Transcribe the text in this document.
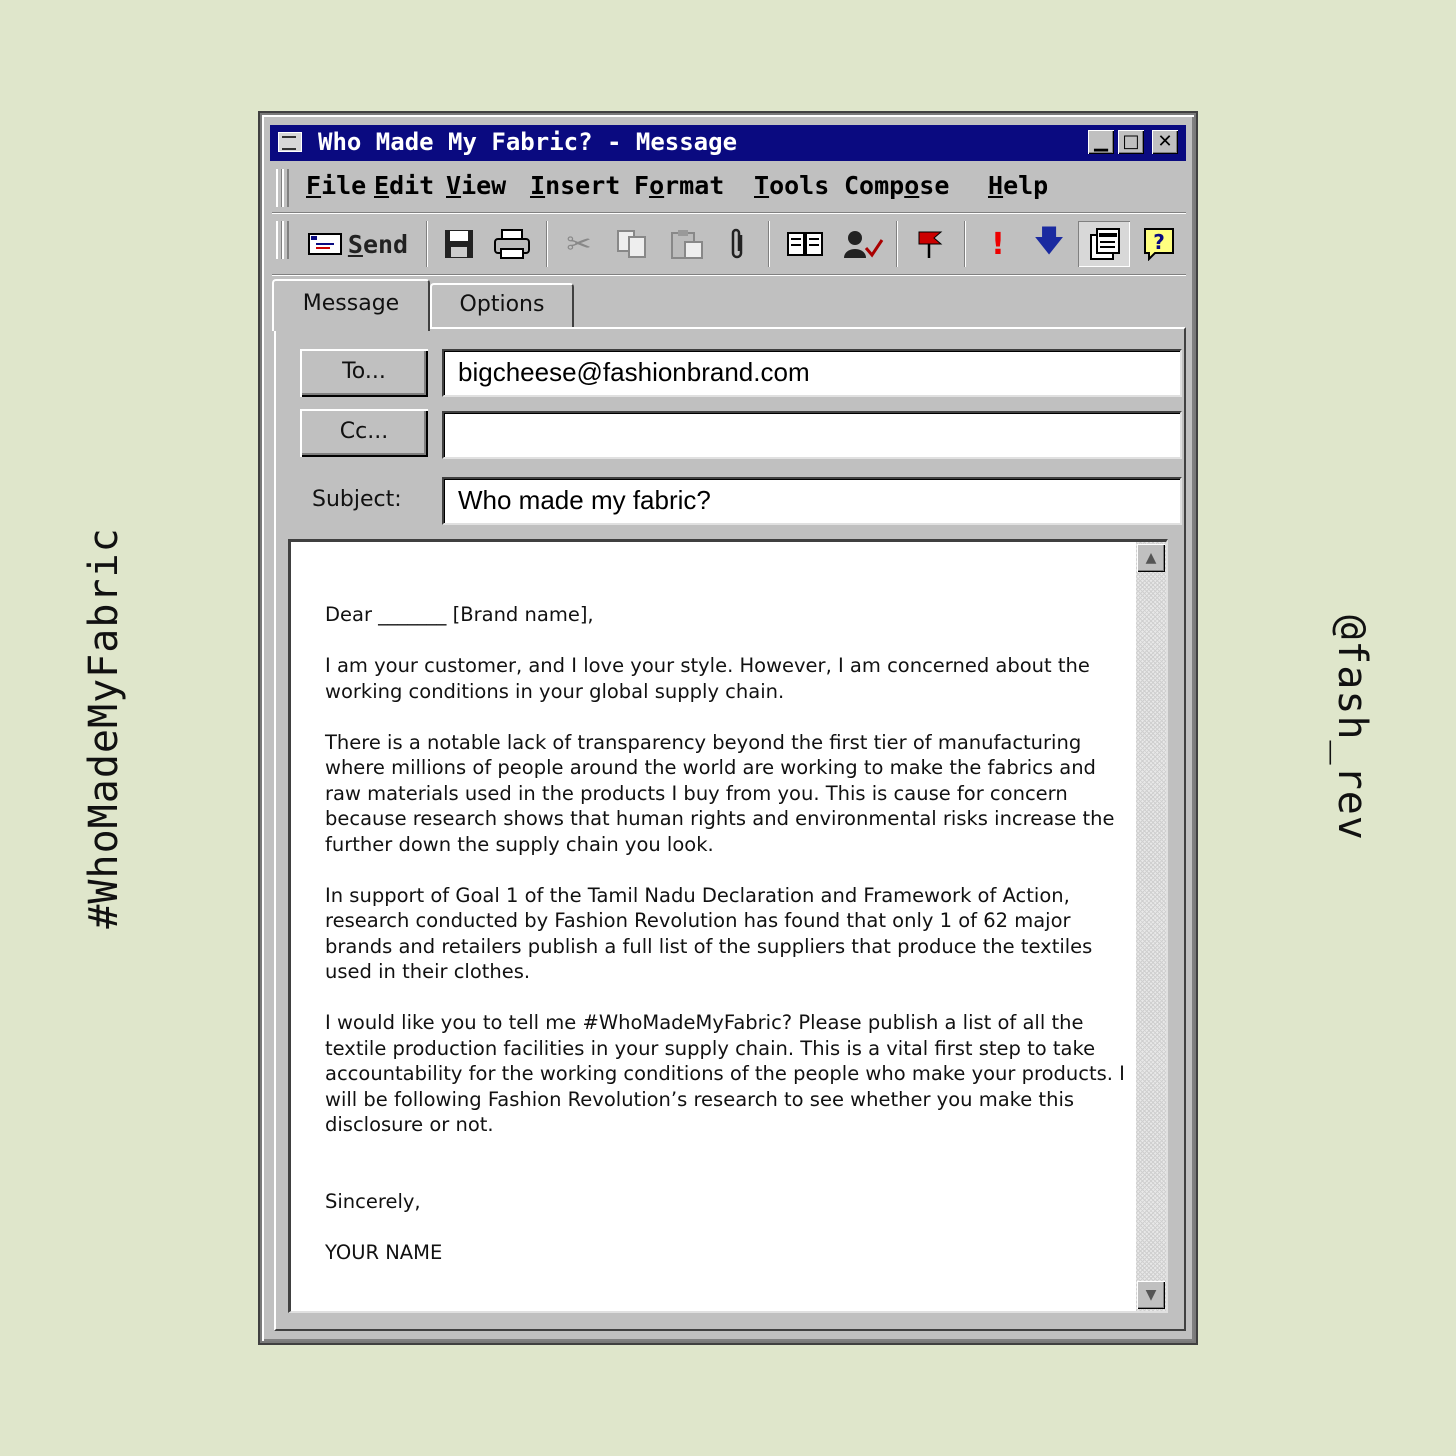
#WhoMadeMyFabric	@fash_rev
Who Made My Fabric? - Message	▁ □ ✕
File Edit View Insert Format Tools Compose Help
Send	✂	! 🡇	?
Message	Options
To...	bigcheese@fashionbrand.com
Cc...
Subject:	Who made my fabric?

Dear _______ [Brand name],

I am your customer, and I love your style. However, I am concerned about the working conditions in your global supply chain.

There is a notable lack of transparency beyond the first tier of manufacturing where millions of people around the world are working to make the fabrics and raw materials used in the products I buy from you. This is cause for concern because research shows that human rights and environmental risks increase the further down the supply chain you look.

In support of Goal 1 of the Tamil Nadu Declaration and Framework of Action, research conducted by Fashion Revolution has found that only 1 of 62 major brands and retailers publish a full list of the suppliers that produce the textiles used in their clothes.

I would like you to tell me #WhoMadeMyFabric? Please publish a list of all the textile production facilities in your supply chain. This is a vital first step to take accountability for the working conditions of the people who make your products. I will be following Fashion Revolution’s research to see whether you make this disclosure or not.

Sincerely,

YOUR NAME

▲
▼
